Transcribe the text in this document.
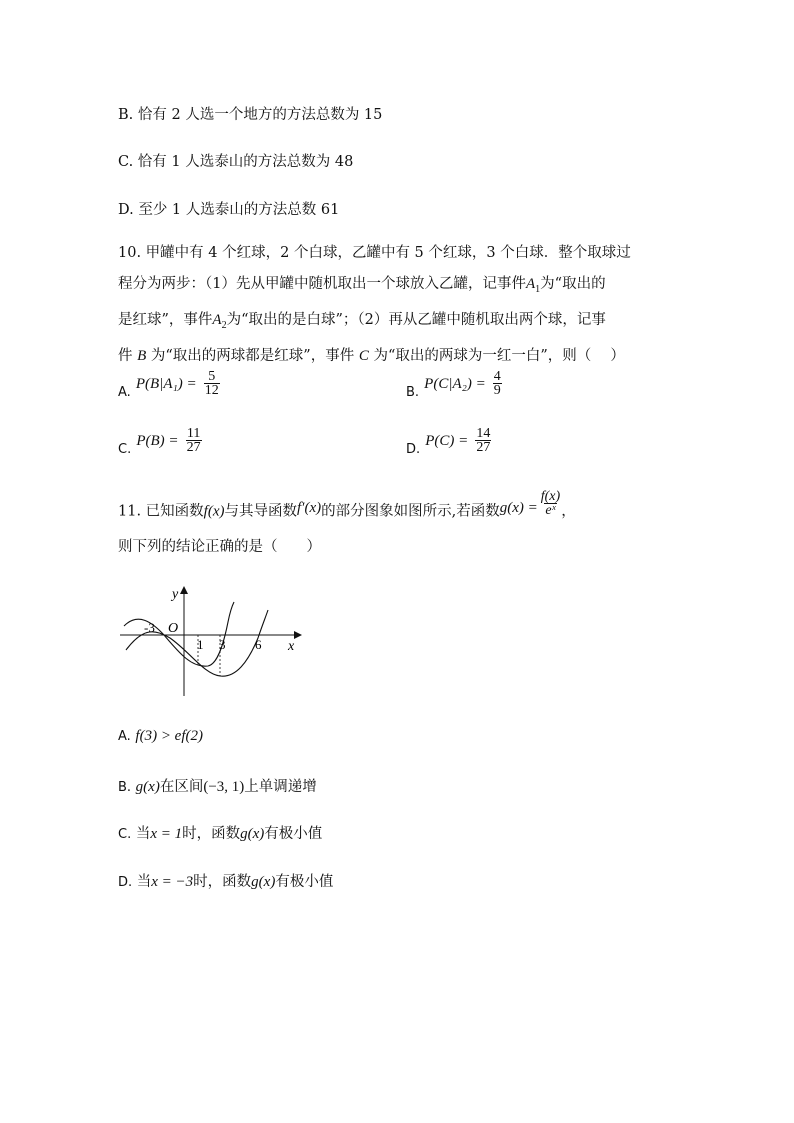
B. 恰有 2 人选一个地方的方法总数为 15
C. 恰有 1 人选泰山的方法总数为 48
D. 至少 1 人选泰山的方法总数 61
10. 甲罐中有 4 个红球，2 个白球，乙罐中有 5 个红球，3 个白球．整个取球过
程分为两步：（1）先从甲罐中随机取出一个球放入乙罐，记事件$A_1$为“取出的
是红球”，事件$A_2$为“取出的是白球”；（2）再从乙罐中随机取出两个球，记事
件 B 为“取出的两球都是红球”，事件 C 为“取出的两球为一红一白”，则（　 ）
A. $P(B|A_1) = \frac{5}{12}$	B. $P(C|A_2) = \frac{4}{9}$
C. $P(B) = \frac{11}{27}$	D. $P(C) = \frac{14}{27}$
11. 已知函数f(x)与其导函数f′(x)的部分图象如图所示,若函数$g(x) = \frac{f(x)}{\text{eˣ}}$ ，
则下列的结论正确的是（　　）
y
x
O
-3
1 3 6
A. f(3) > ef(2)
B. g(x)在区间(−3, 1)上单调递增
C. 当x = 1时，函数g(x)有极小值
D. 当x = −3时，函数g(x)有极小值
